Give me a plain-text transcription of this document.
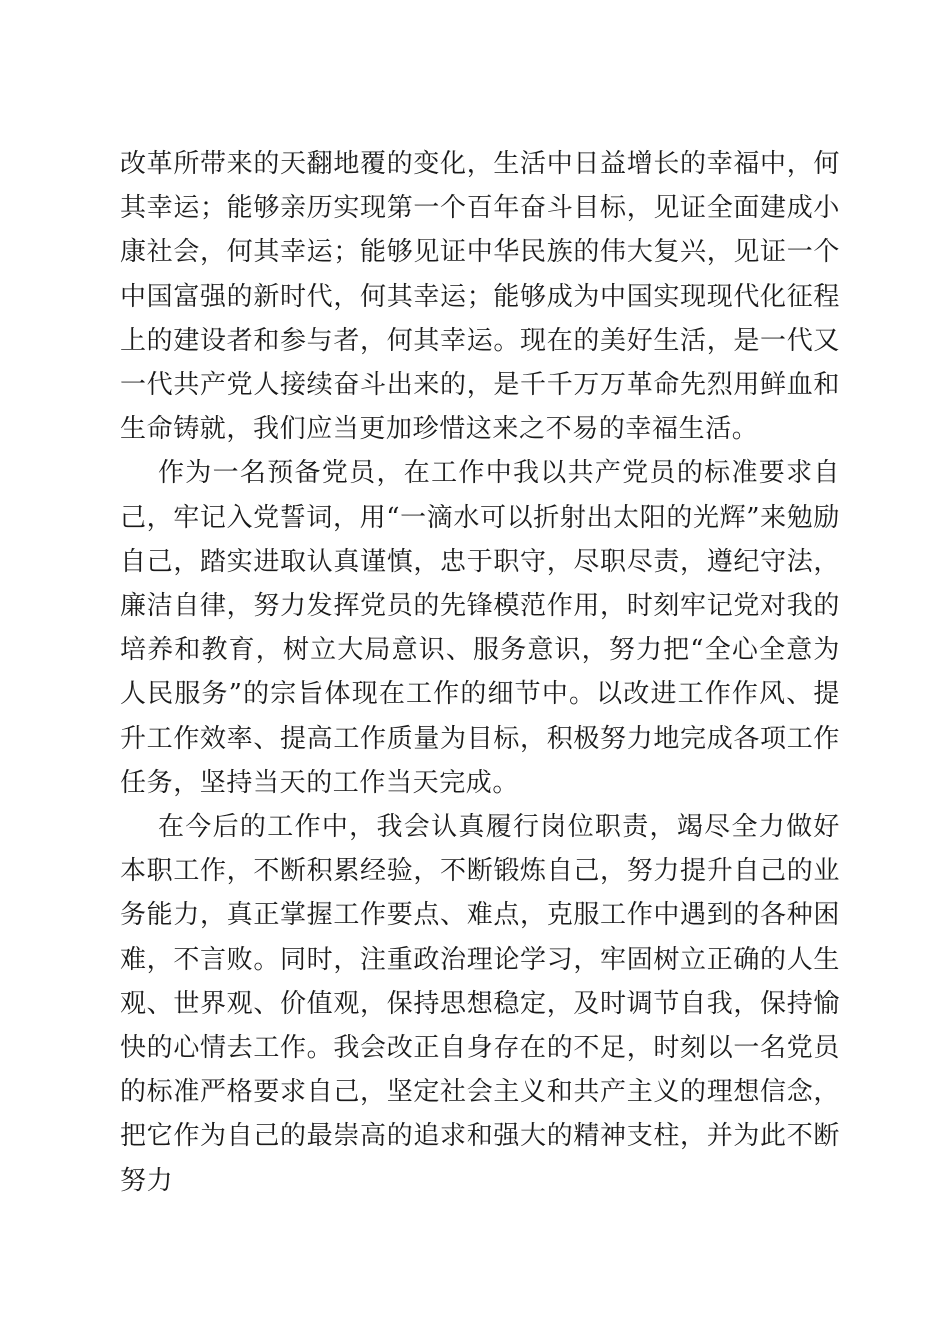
改革所带来的天翻地覆的变化，生活中日益增长的幸福中，何其幸运；能够亲历实现第一个百年奋斗目标，见证全面建成小康社会，何其幸运；能够见证中华民族的伟大复兴，见证一个中国富强的新时代，何其幸运；能够成为中国实现现代化征程上的建设者和参与者，何其幸运。现在的美好生活，是一代又一代共产党人接续奋斗出来的，是千千万万革命先烈用鲜血和生命铸就，我们应当更加珍惜这来之不易的幸福生活。

作为一名预备党员，在工作中我以共产党员的标准要求自己，牢记入党誓词，用“一滴水可以折射出太阳的光辉”来勉励自己，踏实进取认真谨慎，忠于职守，尽职尽责，遵纪守法，廉洁自律，努力发挥党员的先锋模范作用，时刻牢记党对我的培养和教育，树立大局意识、服务意识，努力把“全心全意为人民服务”的宗旨体现在工作的细节中。以改进工作作风、提升工作效率、提高工作质量为目标，积极努力地完成各项工作任务，坚持当天的工作当天完成。

在今后的工作中，我会认真履行岗位职责，竭尽全力做好本职工作，不断积累经验，不断锻炼自己，努力提升自己的业务能力，真正掌握工作要点、难点，克服工作中遇到的各种困难，不言败。同时，注重政治理论学习，牢固树立正确的人生观、世界观、价值观，保持思想稳定，及时调节自我，保持愉快的心情去工作。我会改正自身存在的不足，时刻以一名党员的标准严格要求自己，坚定社会主义和共产主义的理想信念，把它作为自己的最崇高的追求和强大的精神支柱，并为此不断努力
